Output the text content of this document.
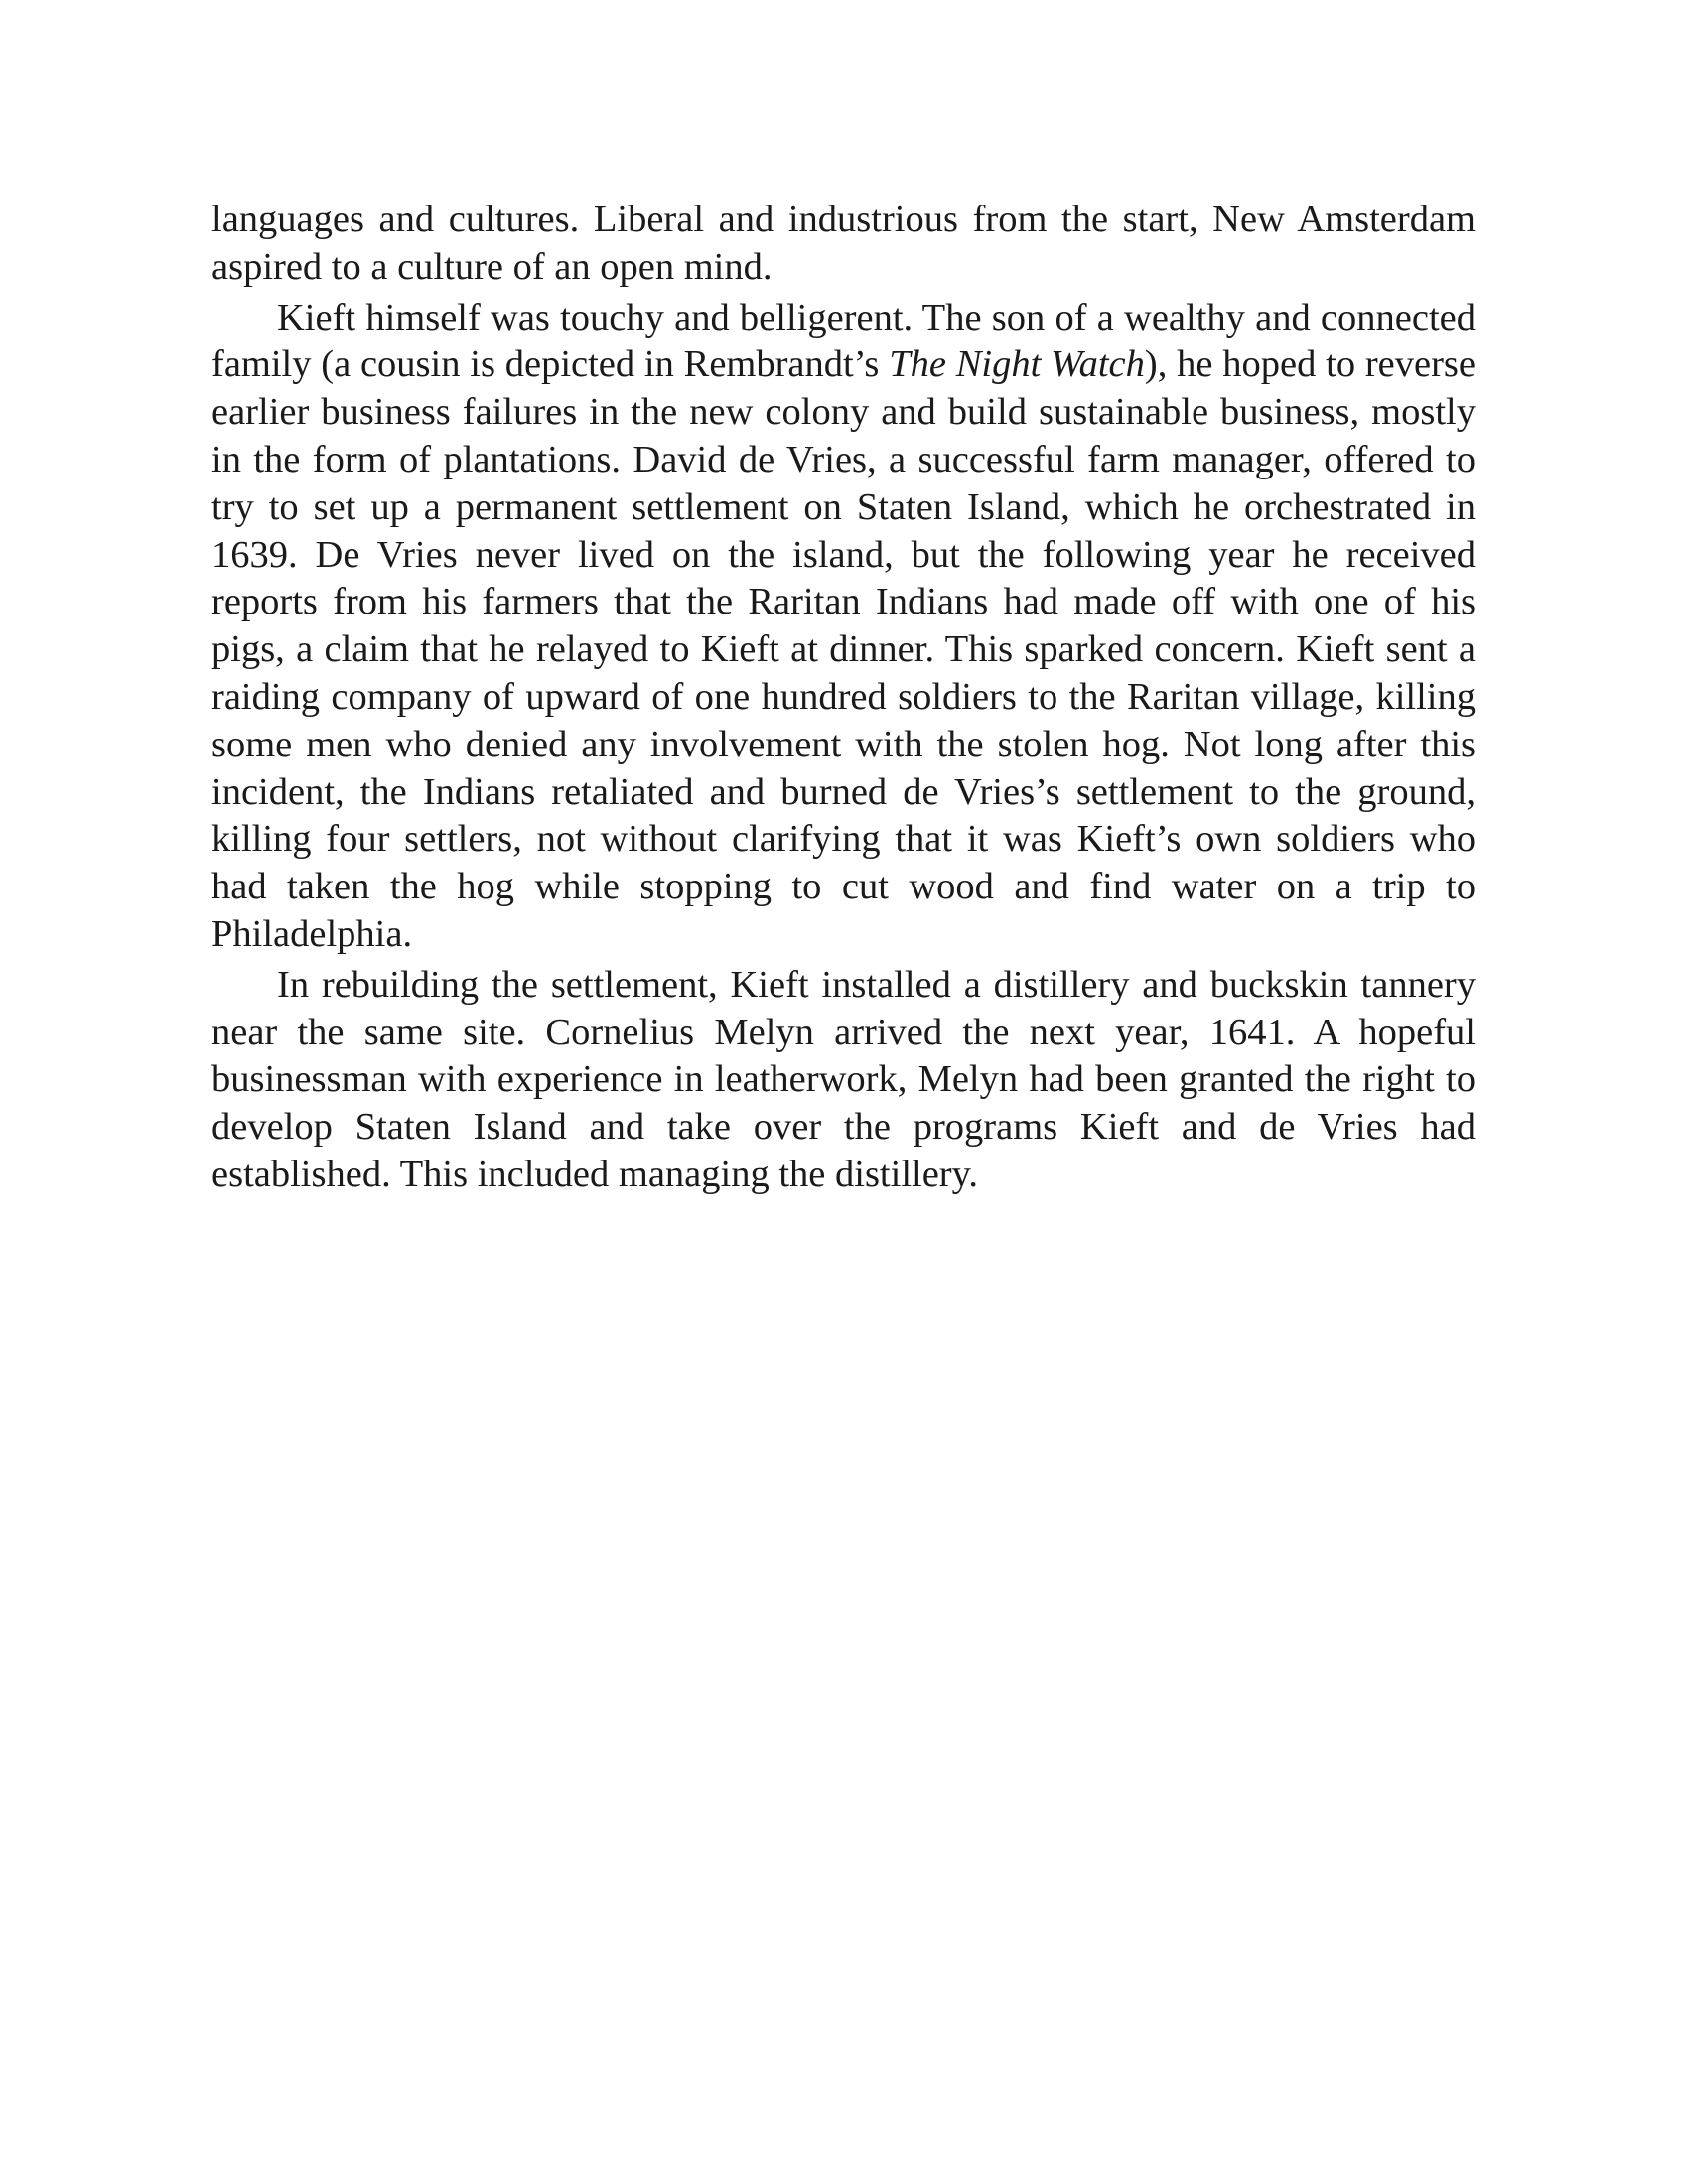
languages and cultures. Liberal and industrious from the start, New Amsterdam aspired to a culture of an open mind.

Kieft himself was touchy and belligerent. The son of a wealthy and connected family (a cousin is depicted in Rembrandt’s The Night Watch), he hoped to reverse earlier business failures in the new colony and build sustainable business, mostly in the form of plantations. David de Vries, a successful farm manager, offered to try to set up a permanent settlement on Staten Island, which he orchestrated in 1639. De Vries never lived on the island, but the following year he received reports from his farmers that the Raritan Indians had made off with one of his pigs, a claim that he relayed to Kieft at dinner. This sparked concern. Kieft sent a raiding company of upward of one hundred soldiers to the Raritan village, killing some men who denied any involvement with the stolen hog. Not long after this incident, the Indians retaliated and burned de Vries’s settlement to the ground, killing four settlers, not without clarifying that it was Kieft’s own soldiers who had taken the hog while stopping to cut wood and find water on a trip to Philadelphia.

In rebuilding the settlement, Kieft installed a distillery and buckskin tannery near the same site. Cornelius Melyn arrived the next year, 1641. A hopeful businessman with experience in leatherwork, Melyn had been granted the right to develop Staten Island and take over the programs Kieft and de Vries had established. This included managing the distillery.
